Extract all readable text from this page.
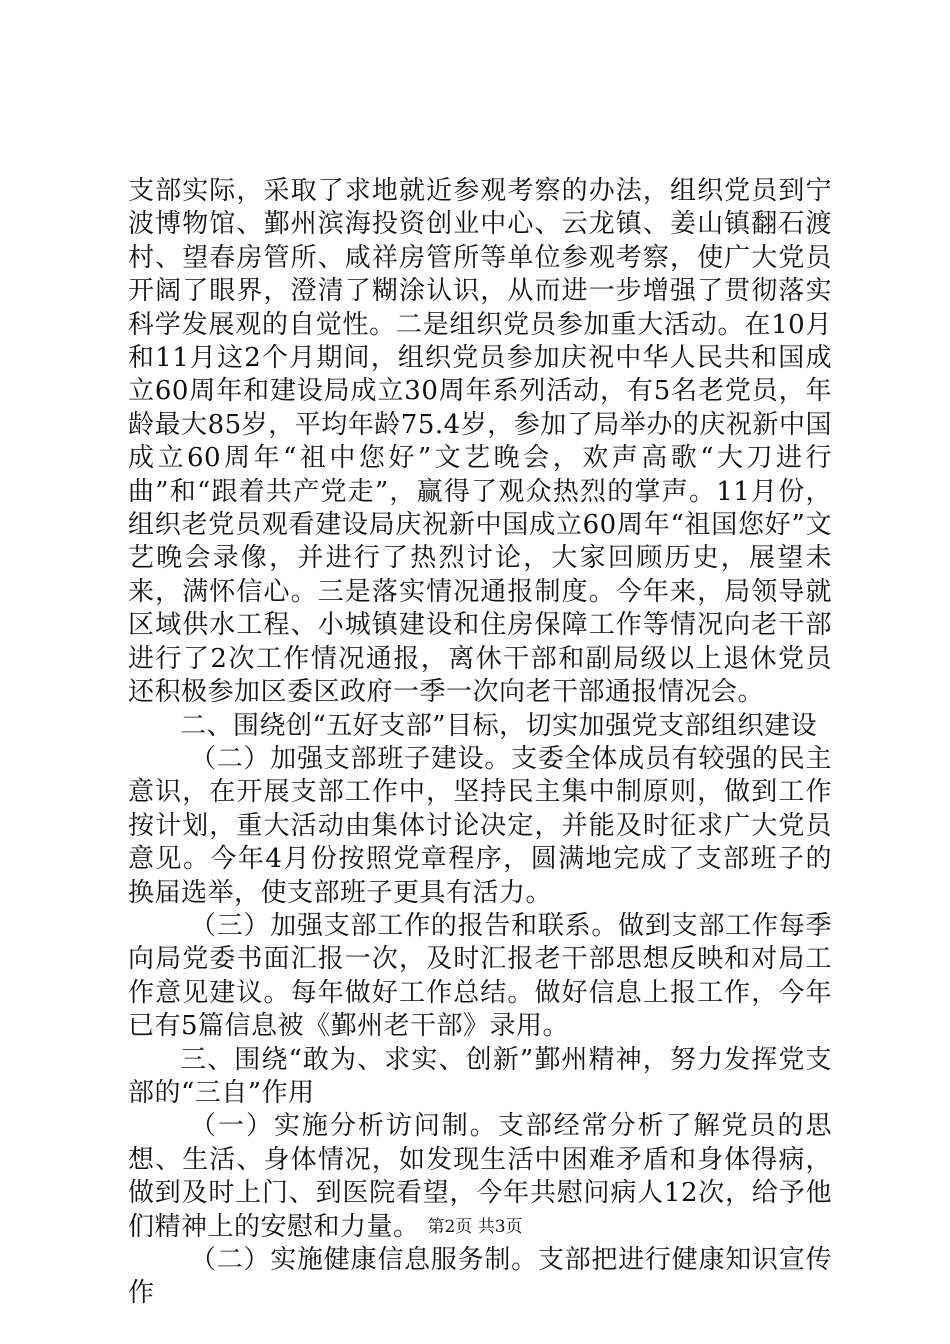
支部实际，采取了求地就近参观考察的办法，组织党员到宁波博物馆、鄞州滨海投资创业中心、云龙镇、姜山镇翻石渡村、望春房管所、咸祥房管所等单位参观考察，使广大党员开阔了眼界，澄清了糊涂认识，从而进一步增强了贯彻落实科学发展观的自觉性。二是组织党员参加重大活动。在10月和11月这2个月期间，组织党员参加庆祝中华人民共和国成立60周年和建设局成立30周年系列活动，有5名老党员，年龄最大85岁，平均年龄75.4岁，参加了局举办的庆祝新中国成立60周年“祖中您好”文艺晚会，欢声高歌“大刀进行曲”和“跟着共产党走”，赢得了观众热烈的掌声。11月份，组织老党员观看建设局庆祝新中国成立60周年“祖国您好”文艺晚会录像，并进行了热烈讨论，大家回顾历史，展望未来，满怀信心。三是落实情况通报制度。今年来，局领导就区域供水工程、小城镇建设和住房保障工作等情况向老干部进行了2次工作情况通报，离休干部和副局级以上退休党员还积极参加区委区政府一季一次向老干部通报情况会。

二、围绕创“五好支部”目标，切实加强党支部组织建设

（二）加强支部班子建设。支委全体成员有较强的民主意识，在开展支部工作中，坚持民主集中制原则，做到工作按计划，重大活动由集体讨论决定，并能及时征求广大党员意见。今年4月份按照党章程序，圆满地完成了支部班子的换届选举，使支部班子更具有活力。

（三）加强支部工作的报告和联系。做到支部工作每季向局党委书面汇报一次，及时汇报老干部思想反映和对局工作意见建议。每年做好工作总结。做好信息上报工作，今年已有5篇信息被《鄞州老干部》录用。

三、围绕“敢为、求实、创新”鄞州精神，努力发挥党支部的“三自”作用

（一）实施分析访问制。支部经常分析了解党员的思想、生活、身体情况，如发现生活中困难矛盾和身体得病，做到及时上门、到医院看望，今年共慰问病人12次，给予他们精神上的安慰和力量。

（二）实施健康信息服务制。支部把进行健康知识宣传作

第2页 共3页
